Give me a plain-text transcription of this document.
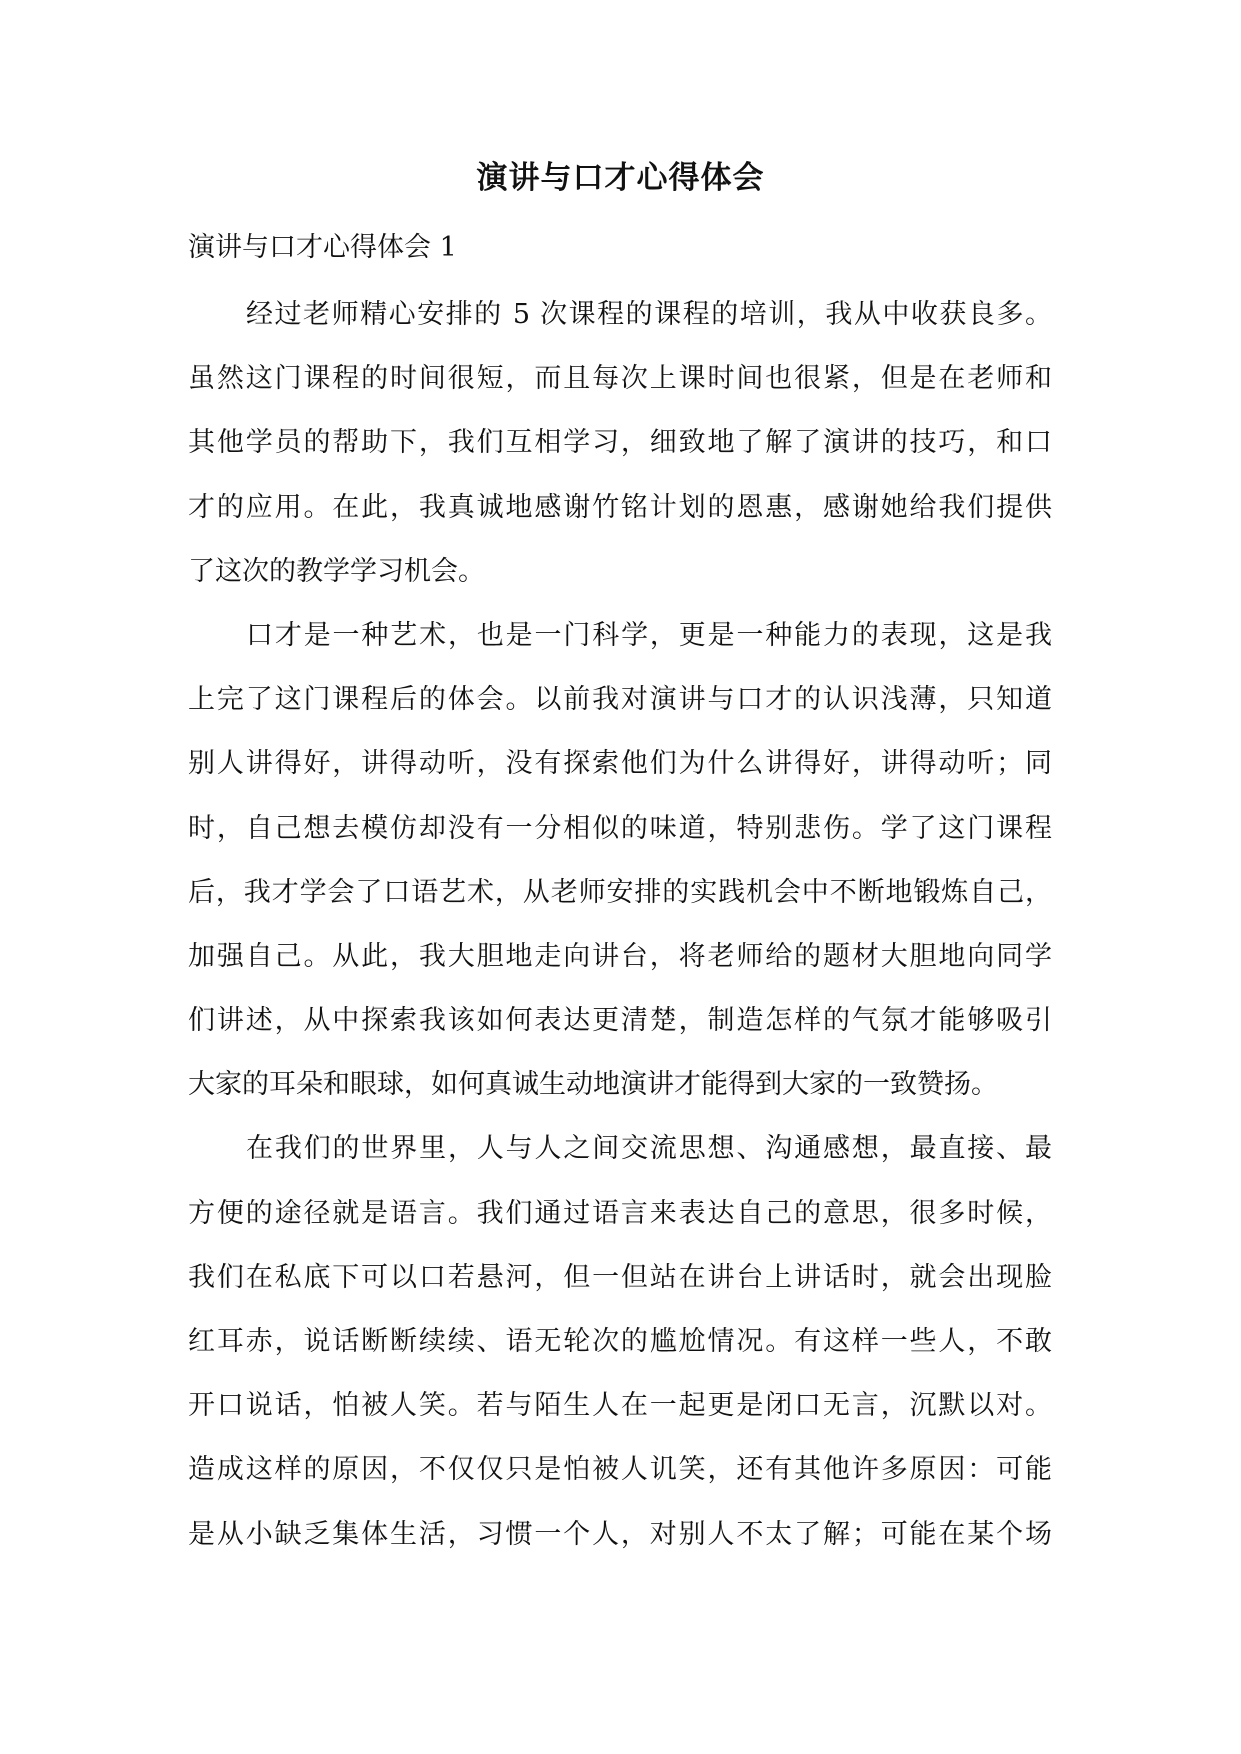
演讲与口才心得体会
演讲与口才心得体会 1
经过老师精心安排的 5 次课程的课程的培训，我从中收获良多。
虽然这门课程的时间很短，而且每次上课时间也很紧，但是在老师和
其他学员的帮助下，我们互相学习，细致地了解了演讲的技巧，和口
才的应用。在此，我真诚地感谢竹铭计划的恩惠，感谢她给我们提供
了这次的教学学习机会。
口才是一种艺术，也是一门科学，更是一种能力的表现，这是我
上完了这门课程后的体会。以前我对演讲与口才的认识浅薄，只知道
别人讲得好，讲得动听，没有探索他们为什么讲得好，讲得动听；同
时，自己想去模仿却没有一分相似的味道，特别悲伤。学了这门课程
后，我才学会了口语艺术，从老师安排的实践机会中不断地锻炼自己，
加强自己。从此，我大胆地走向讲台，将老师给的题材大胆地向同学
们讲述，从中探索我该如何表达更清楚，制造怎样的气氛才能够吸引
大家的耳朵和眼球，如何真诚生动地演讲才能得到大家的一致赞扬。
在我们的世界里，人与人之间交流思想、沟通感想，最直接、最
方便的途径就是语言。我们通过语言来表达自己的意思，很多时候，
我们在私底下可以口若悬河，但一但站在讲台上讲话时，就会出现脸
红耳赤，说话断断续续、语无轮次的尴尬情况。有这样一些人，不敢
开口说话，怕被人笑。若与陌生人在一起更是闭口无言，沉默以对。
造成这样的原因，不仅仅只是怕被人讥笑，还有其他许多原因：可能
是从小缺乏集体生活，习惯一个人，对别人不太了解；可能在某个场
